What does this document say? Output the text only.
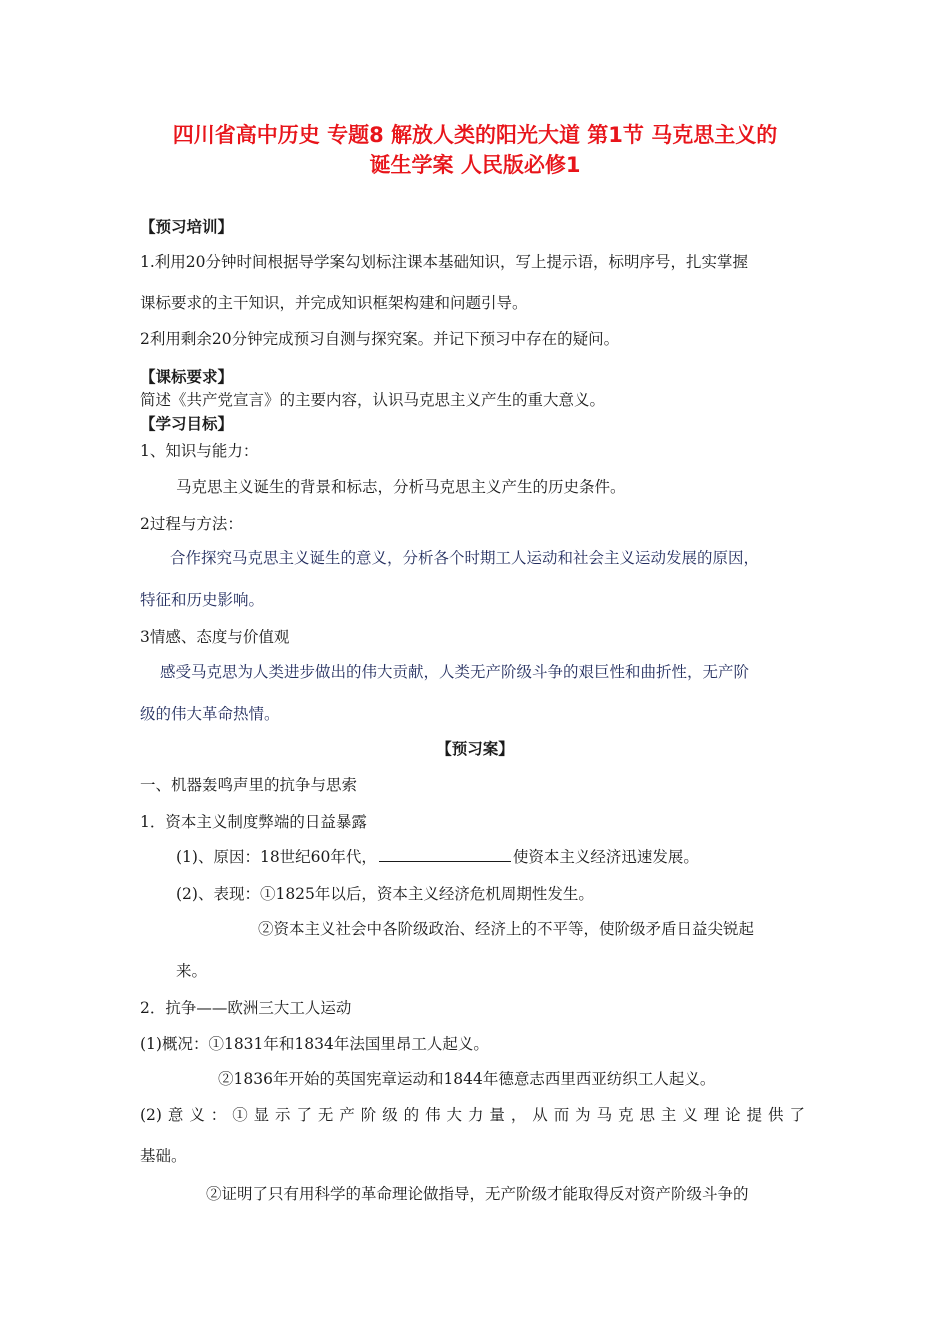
四川省高中历史 专题8 解放人类的阳光大道 第1节 马克思主义的
诞生学案 人民版必修1
【预习培训】
1.利用20分钟时间根据导学案勾划标注课本基础知识，写上提示语，标明序号，扎实掌握
课标要求的主干知识，并完成知识框架构建和问题引导。
2利用剩余20分钟完成预习自测与探究案。并记下预习中存在的疑问。
【课标要求】
简述《共产党宣言》的主要内容，认识马克思主义产生的重大意义。
【学习目标】
1、知识与能力：
马克思主义诞生的背景和标志，分析马克思主义产生的历史条件。
2过程与方法：
合作探究马克思主义诞生的意义，分析各个时期工人运动和社会主义运动发展的原因，
特征和历史影响。
3情感、态度与价值观
感受马克思为人类进步做出的伟大贡献，人类无产阶级斗争的艰巨性和曲折性，无产阶
级的伟大革命热情。
【预习案】
一、机器轰鸣声里的抗争与思索
1．资本主义制度弊端的日益暴露
(1)、原因：18世纪60年代，	使资本主义经济迅速发展。
(2)、表现：①1825年以后，资本主义经济危机周期性发生。
②资本主义社会中各阶级政治、经济上的不平等，使阶级矛盾日益尖锐起
来。
2．抗争——欧洲三大工人运动
(1)概况：①1831年和1834年法国里昂工人起义。
②1836年开始的英国宪章运动和1844年德意志西里西亚纺织工人起义。
(2)意义：①显示了无产阶级的伟大力量，从而为马克思主义理论提供了
基础。
②证明了只有用科学的革命理论做指导，无产阶级才能取得反对资产阶级斗争的
